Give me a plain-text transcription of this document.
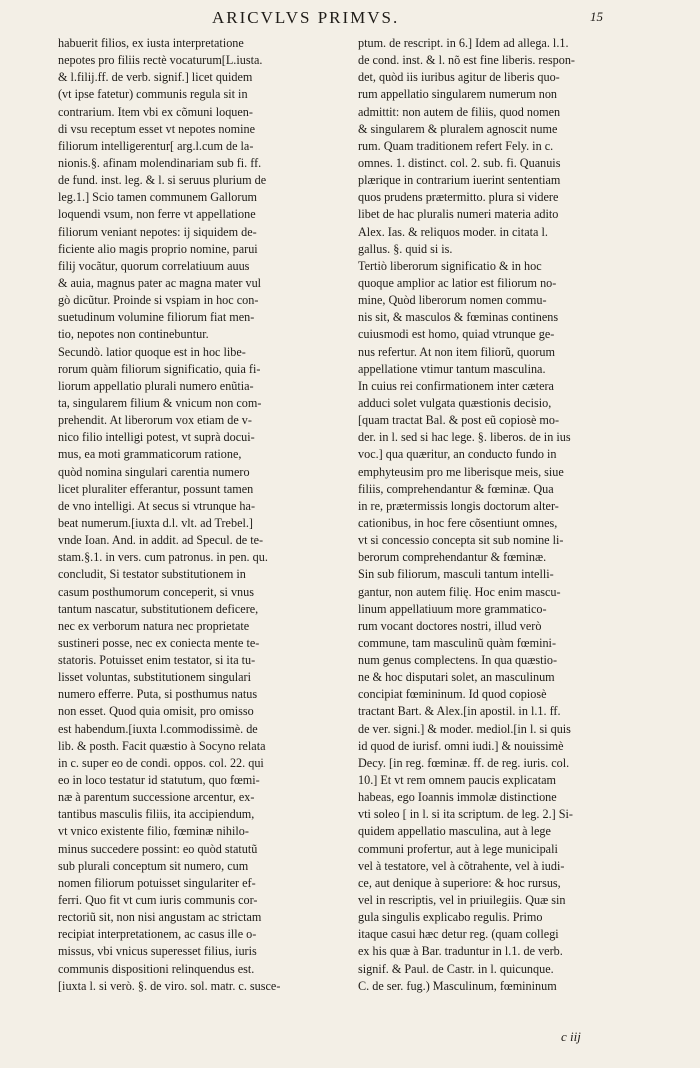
ARICVLVS PRIMVS.	15
habuerit filios, ex iusta interpretatione
nepotes pro filiis rectè vocaturum[L.iusta.
& l.filij.ff. de verb. signif.] licet quidem
(vt ipse fatetur) communis regula sit in
contrarium. Item vbi ex cõmuni loquen-
di vsu receptum esset vt nepotes nomine
filiorum intelligerentur[ arg.l.cum de la-
nionis.§. afinam molendinariam sub fi. ff.
de fund. inst. leg. & l. si seruus plurium de
leg.1.] Scio tamen communem Gallorum
loquendi vsum, non ferre vt appellatione
filiorum veniant nepotes: ij siquidem de-
ficiente alio magis proprio nomine, parui
filij vocãtur, quorum correlatiuum auus
& auia, magnus pater ac magna mater vul
gò dicũtur. Proinde si vspiam in hoc con-
suetudinum volumine filiorum fiat men-
tio, nepotes non continebuntur.
Secundò. latior quoque est in hoc libe-
rorum quàm filiorum significatio, quia fi-
liorum appellatio plurali numero enũtia-
ta, singularem filium & vnicum non com-
prehendit. At liberorum vox etiam de v-
nico filio intelligi potest, vt suprà docui-
mus, ea moti grammaticorum ratione,
quòd nomina singulari carentia numero
licet pluraliter efferantur, possunt tamen
de vno intelligi. At secus si vtrunque ha-
beat numerum.[iuxta d.l. vlt. ad Trebel.]
vnde Ioan. And. in addit. ad Specul. de te-
stam.§.1. in vers. cum patronus. in pen. qu.
concludit, Si testator substitutionem in
casum posthumorum conceperit, si vnus
tantum nascatur, substitutionem deficere,
nec ex verborum natura nec proprietate
sustineri posse, nec ex coniecta mente te-
statoris. Potuisset enim testator, si ita tu-
lisset voluntas, substitutionem singulari
numero efferre. Puta, si posthumus natus
non esset. Quod quia omisit, pro omisso
est habendum.[iuxta l.commodissimè. de
lib. & posth. Facit quæstio à Socyno relata
in c. super eo de condi. oppos. col. 22. qui
eo in loco testatur id statutum, quo fœmi-
næ à parentum successione arcentur, ex-
tantibus masculis filiis, ita accipiendum,
vt vnico existente filio, fœminæ nihilo-
minus succedere possint: eo quòd statutũ
sub plurali conceptum sit numero, cum
nomen filiorum potuisset singulariter ef-
ferri. Quo fit vt cum iuris communis cor-
rectoriũ sit, non nisi angustam ac strictam
recipiat interpretationem, ac casus ille o-
missus, vbi vnicus superesset filius, iuris
communis dispositioni relinquendus est.
[iuxta l. si verò. §. de viro. sol. matr. c. susce-
ptum. de rescript. in 6.] Idem ad allega. l.1.
de cond. inst. & l. nõ est fine liberis. respon-
det, quòd iis iuribus agitur de liberis quo-
rum appellatio singularem numerum non
admittit: non autem de filiis, quod nomen
& singularem & pluralem agnoscit nume
rum. Quam traditionem refert Fely. in c.
omnes. 1. distinct. col. 2. sub. fi. Quanuis
plærique in contrarium iuerint sententiam
quos prudens prætermitto. plura si videre
libet de hac pluralis numeri materia adito
Alex. Ias. & reliquos moder. in citata l.
gallus. §. quid si is.
Tertiò liberorum significatio & in hoc
quoque amplior ac latior est filiorum no-
mine, Quòd liberorum nomen commu-
nis sit, & masculos & fœminas continens
cuiusmodi est homo, quiad vtrunque ge-
nus refertur. At non item filiorũ, quorum
appellatione vtimur tantum masculina.
In cuius rei confirmationem inter cætera
adduci solet vulgata quæstionis decisio,
[quam tractat Bal. & post eũ copiosè mo-
der. in l. sed si hac lege. §. liberos. de in ius
voc.] qua quæritur, an conducto fundo in
emphyteusim pro me liberisque meis, siue
filiis, comprehendantur & fœminæ. Qua
in re, prætermissis longis doctorum alter-
cationibus, in hoc fere cõsentiunt omnes,
vt si concessio concepta sit sub nomine li-
berorum comprehendantur & fœminæ.
Sin sub filiorum, masculi tantum intelli-
gantur, non autem filię. Hoc enim mascu-
linum appellatiuum more grammatico-
rum vocant doctores nostri, illud verò
commune, tam masculinũ quàm fœmini-
num genus complectens. In qua quæstio-
ne & hoc disputari solet, an masculinum
concipiat fœmininum. Id quod copiosè
tractant Bart. & Alex.[in apostil. in l.1. ff.
de ver. signi.] & moder. mediol.[in l. si quis
id quod de iurisf. omni iudi.] & nouissimè
Decy. [in reg. fœminæ. ff. de reg. iuris. col.
10.] Et vt rem omnem paucis explicatam
habeas, ego Ioannis immolæ distinctione
vti soleo [ in l. si ita scriptum. de leg. 2.] Si-
quidem appellatio masculina, aut à lege
communi profertur, aut à lege municipali
vel à testatore, vel à cõtrahente, vel à iudi-
ce, aut denique à superiore: & hoc rursus,
vel in rescriptis, vel in priuilegiis. Quæ sin
gula singulis explicabo regulis. Primo
itaque casui hæc detur reg. (quam collegi
ex his quæ à Bar. traduntur in l.1. de verb.
signif. & Paul. de Castr. in l. quicunque.
C. de ser. fug.) Masculinum, fœmininum
c iij
